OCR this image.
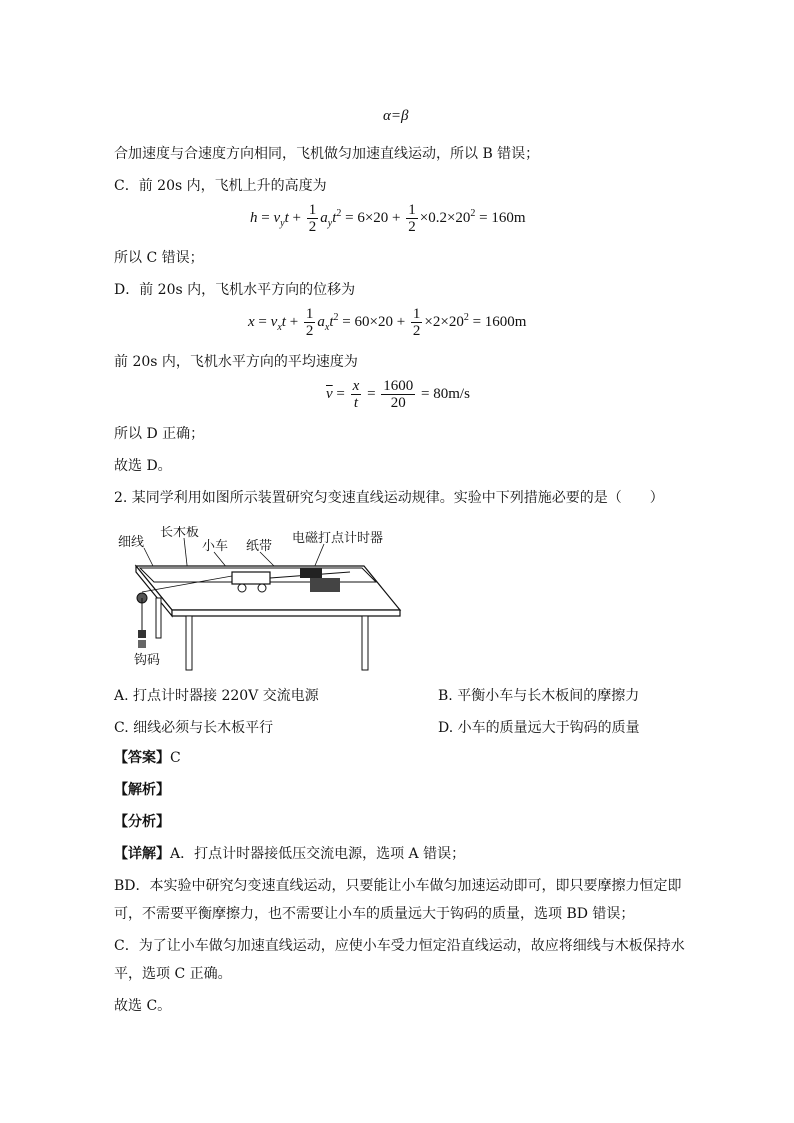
α=β
合加速度与合速度方向相同，飞机做匀加速直线运动，所以 B 错误；
C．前 20s 内，飞机上升的高度为
$h = v_yt + \frac{1}{2} a_yt^2 = 6\times 20 + \frac{1}{2} \times 0.2\times 20^2 = 160m$
所以 C 错误；
D．前 20s 内，飞机水平方向的位移为
$x = v_xt + \frac{1}{2} a_xt^2 = 60\times 20 + \frac{1}{2} \times 2\times 20^2 = 1600m$
前 20s 内，飞机水平方向的平均速度为
$\overline{v} = \frac{x}{t} = \frac{1600}{20} = 80m/s$
所以 D 正确；
故选 D。
2. 某同学利用如图所示装置研究匀变速直线运动规律。实验中下列措施必要的是（　　）
细线
长木板
小车 纸带
电磁打点计时器
钩码
A. 打点计时器接 220V 交流电源	B. 平衡小车与长木板间的摩擦力
C. 细线必须与长木板平行	D. 小车的质量远大于钩码的质量
【答案】C
【解析】
【分析】
【详解】A．打点计时器接低压交流电源，选项 A 错误；
BD．本实验中研究匀变速直线运动，只要能让小车做匀加速运动即可，即只要摩擦力恒定即
可，不需要平衡摩擦力，也不需要让小车的质量远大于钩码的质量，选项 BD 错误；
C．为了让小车做匀加速直线运动，应使小车受力恒定沿直线运动，故应将细线与木板保持水
平，选项 C 正确。
故选 C。
